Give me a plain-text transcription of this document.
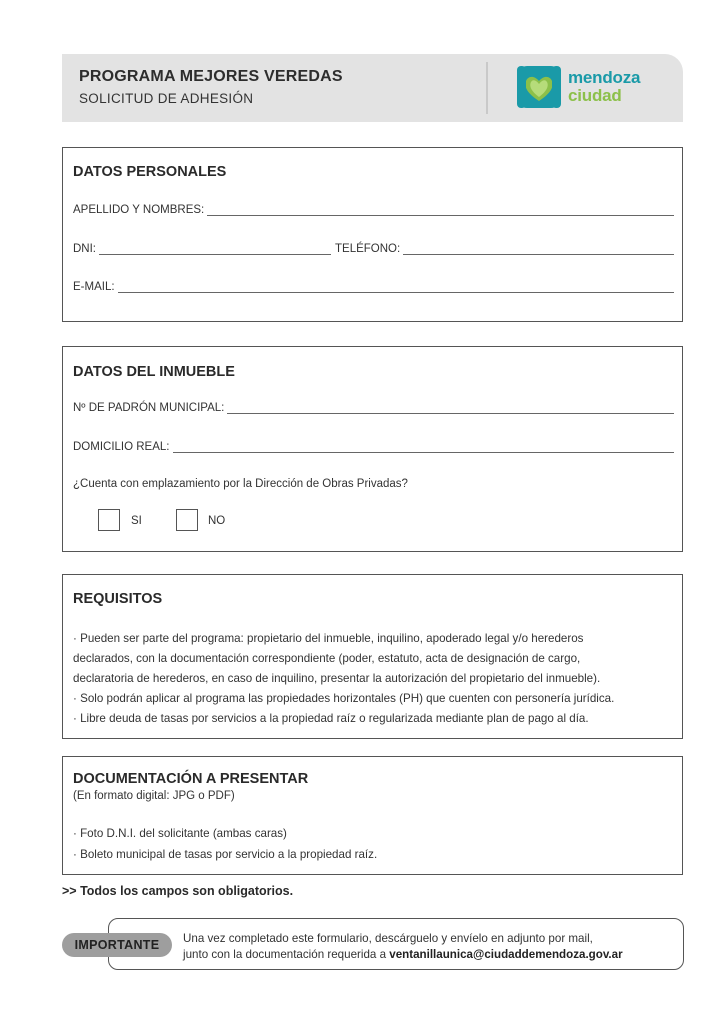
PROGRAMA MEJORES VEREDAS
SOLICITUD DE ADHESIÓN
mendoza
ciudad
DATOS PERSONALES
APELLIDO Y NOMBRES:
DNI:	TELÉFONO:
E-MAIL:
DATOS DEL INMUEBLE
Nº DE PADRÓN MUNICIPAL:
DOMICILIO REAL:
¿Cuenta con emplazamiento por la Dirección de Obras Privadas?
SI	NO
REQUISITOS
· Pueden ser parte del programa: propietario del inmueble, inquilino, apoderado legal y/o herederos
declarados, con la documentación correspondiente (poder, estatuto, acta de designación de cargo,
declaratoria de herederos, en caso de inquilino, presentar la autorización del propietario del inmueble).
· Solo podrán aplicar al programa las propiedades horizontales (PH) que cuenten con personería jurídica.
· Libre deuda de tasas por servicios a la propiedad raíz o regularizada mediante plan de pago al día.
DOCUMENTACIÓN A PRESENTAR
(En formato digital: JPG o PDF)
· Foto D.N.I. del solicitante (ambas caras)
· Boleto municipal de tasas por servicio a la propiedad raíz.
>> Todos los campos son obligatorios.
IMPORTANTE	Una vez completado este formulario, descárguelo y envíelo en adjunto por mail,
junto con la documentación requerida a ventanillaunica@ciudaddemendoza.gov.ar
